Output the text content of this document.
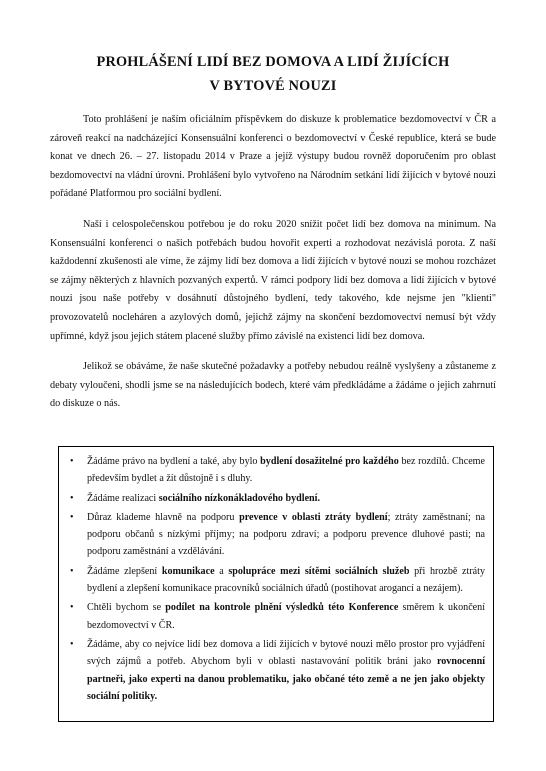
PROHLÁŠENÍ LIDÍ BEZ DOMOVA A LIDÍ ŽIJÍCÍCH
V BYTOVÉ NOUZI

Toto prohlášení je naším oficiálním příspěvkem do diskuze k problematice bezdomovectví v ČR a zároveň reakcí na nadcházející Konsensuální konferenci o bezdomovectví v České republice, která se bude konat ve dnech 26. – 27. listopadu 2014 v Praze a jejíž výstupy budou rovněž doporučením pro oblast bezdomovectví na vládní úrovni. Prohlášení bylo vytvořeno na Národním setkání lidí žijících v bytové nouzi pořádané Platformou pro sociální bydlení.

Naší i celospolečenskou potřebou je do roku 2020 snížit počet lidí bez domova na minimum. Na Konsensuální konferenci o našich potřebách budou hovořit experti a rozhodovat nezávislá porota. Z naší každodenní zkušenosti ale víme, že zájmy lidí bez domova a lidí žijících v bytové nouzi se mohou rozcházet se zájmy některých z hlavních pozvaných expertů. V rámci podpory lidí bez domova a lidí žijících v bytové nouzi jsou naše potřeby v dosáhnutí důstojného bydlení, tedy takového, kde nejsme jen "klienti" provozovatelů nocleháren a azylových domů, jejichž zájmy na skončení bezdomovectví nemusí být vždy upřímné, když jsou jejich státem placené služby přímo závislé na existenci lidí bez domova.

Jelikož se obáváme, že naše skutečné požadavky a potřeby nebudou reálně vyslyšeny a zůstaneme z debaty vyloučeni, shodli jsme se na následujících bodech, které vám předkládáme a žádáme o jejich zahrnutí do diskuze o nás.

• Žádáme právo na bydlení a také, aby bylo bydlení dosažitelné pro každého bez rozdílů. Chceme především bydlet a žít důstojně i s dluhy.
• Žádáme realizaci sociálního nízkonákladového bydlení.
• Důraz klademe hlavně na podporu prevence v oblasti ztráty bydlení; ztráty zaměstnaní; na podporu občanů s nízkými příjmy; na podporu zdraví; a podporu prevence dluhové pasti; na podporu zaměstnání a vzdělávání.
• Žádáme zlepšení komunikace a spolupráce mezi sítěmi sociálních služeb při hrozbě ztráty bydlení a zlepšení komunikace pracovníků sociálních úřadů (postihovat arogancí a nezájem).
• Chtěli bychom se podílet na kontrole plnění výsledků této Konference směrem k ukončení bezdomovectví v ČR.
• Žádáme, aby co nejvíce lidí bez domova a lidí žijících v bytové nouzi mělo prostor pro vyjádření svých zájmů a potřeb. Abychom byli v oblasti nastavování politik bráni jako rovnocenní partneři, jako experti na danou problematiku, jako občané této země a ne jen jako objekty sociální politiky.
